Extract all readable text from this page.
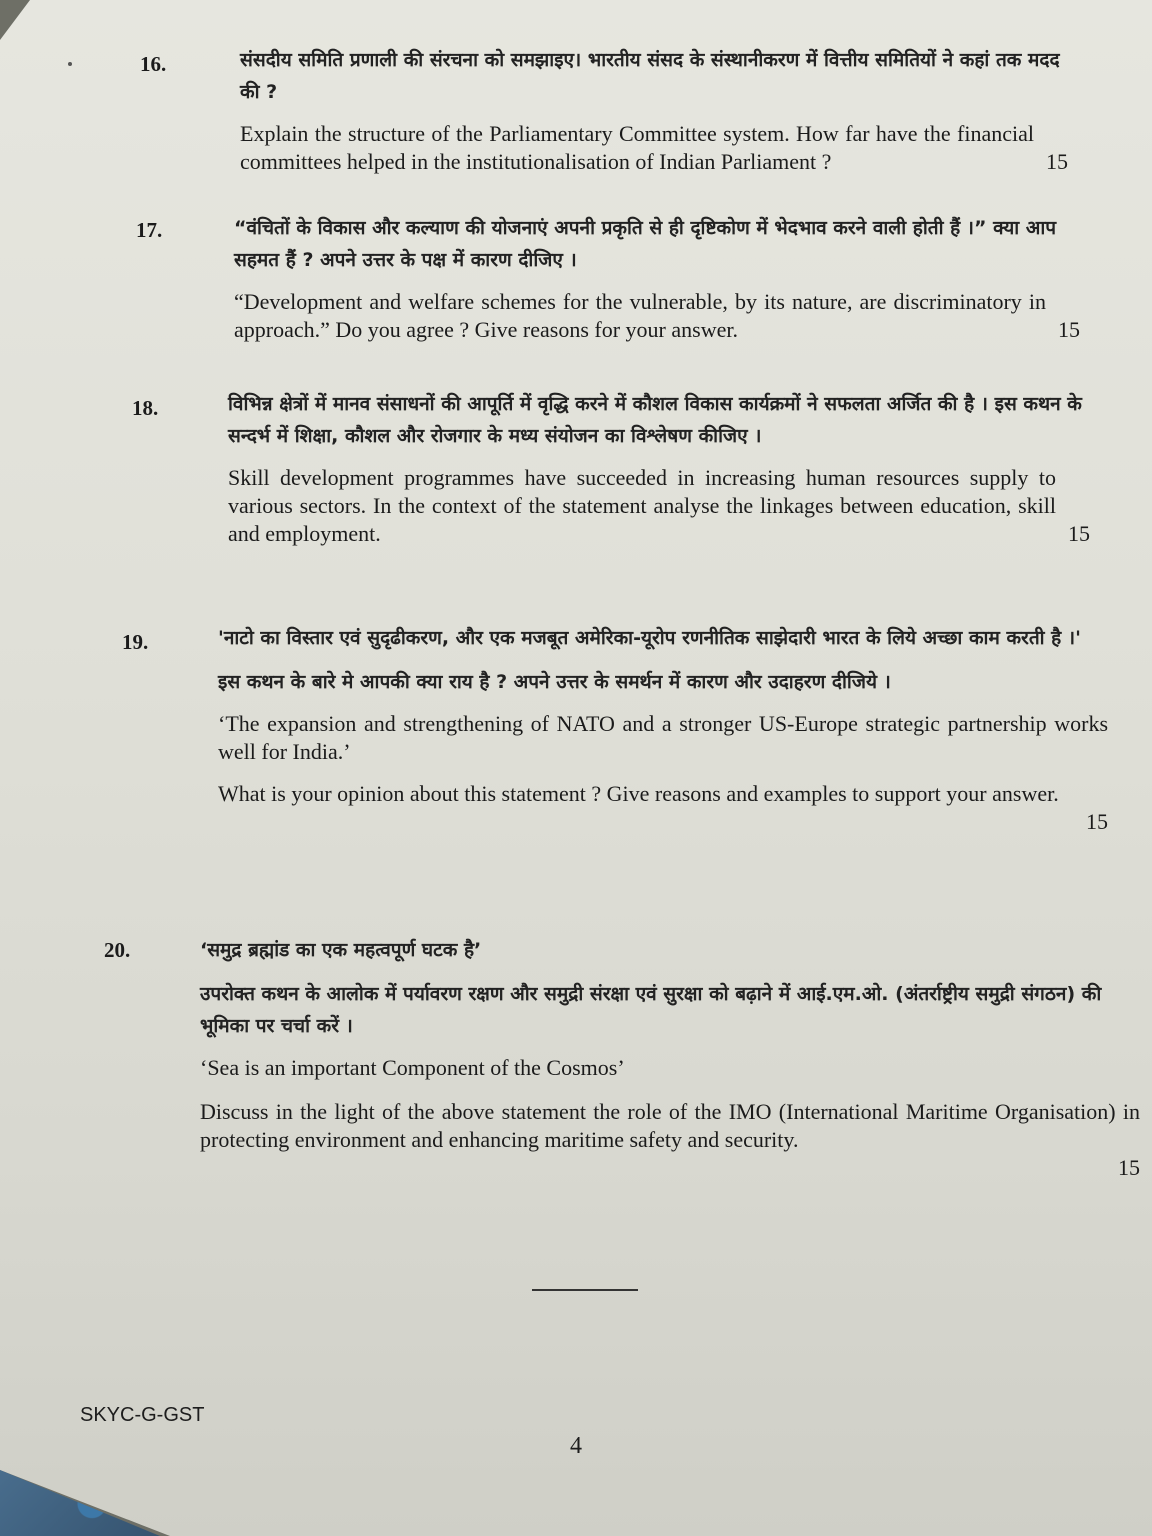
16.	संसदीय समिति प्रणाली की संरचना को समझाइए। भारतीय संसद के संस्थानीकरण में वित्तीय समितियों ने कहां तक मदद की ?

15
Explain the structure of the Parliamentary Committee system. How far have the financial committees helped in the institutionalisation of Indian Parliament ?

17.	“वंचितों के विकास और कल्याण की योजनाएं अपनी प्रकृति से ही दृष्टिकोण में भेदभाव करने वाली होती हैं ।” क्या आप सहमत हैं ? अपने उत्तर के पक्ष में कारण दीजिए ।

15
“Development and welfare schemes for the vulnerable, by its nature, are discriminatory in approach.” Do you agree ? Give reasons for your answer.

18.	विभिन्न क्षेत्रों में मानव संसाधनों की आपूर्ति में वृद्धि करने में कौशल विकास कार्यक्रमों ने सफलता अर्जित की है । इस कथन के सन्दर्भ में शिक्षा, कौशल और रोजगार के मध्य संयोजन का विश्लेषण कीजिए ।

15
Skill development programmes have succeeded in increasing human resources supply to various sectors. In the context of the statement analyse the linkages between education, skill and employment.

19.	'नाटो का विस्तार एवं सुदृढीकरण, और एक मजबूत अमेरिका-यूरोप रणनीतिक साझेदारी भारत के लिये अच्छा काम करती है ।'

इस कथन के बारे मे आपकी क्या राय है ? अपने उत्तर के समर्थन में कारण और उदाहरण दीजिये ।

‘The expansion and strengthening of NATO and a stronger US-Europe strategic partnership works well for India.’

15
What is your opinion about this statement ? Give reasons and examples to support your answer.

20.	‘समुद्र ब्रह्मांड का एक महत्वपूर्ण घटक है’

उपरोक्त कथन के आलोक में पर्यावरण रक्षण और समुद्री संरक्षा एवं सुरक्षा को बढ़ाने में आई.एम.ओ. (अंतर्राष्ट्रीय समुद्री संगठन) की भूमिका पर चर्चा करें ।

‘Sea is an important Component of the Cosmos’

Discuss in the light of the above statement the role of the IMO (International Maritime Organisation) in protecting environment and enhancing maritime safety and security.

15

SKYC-G-GST
4
